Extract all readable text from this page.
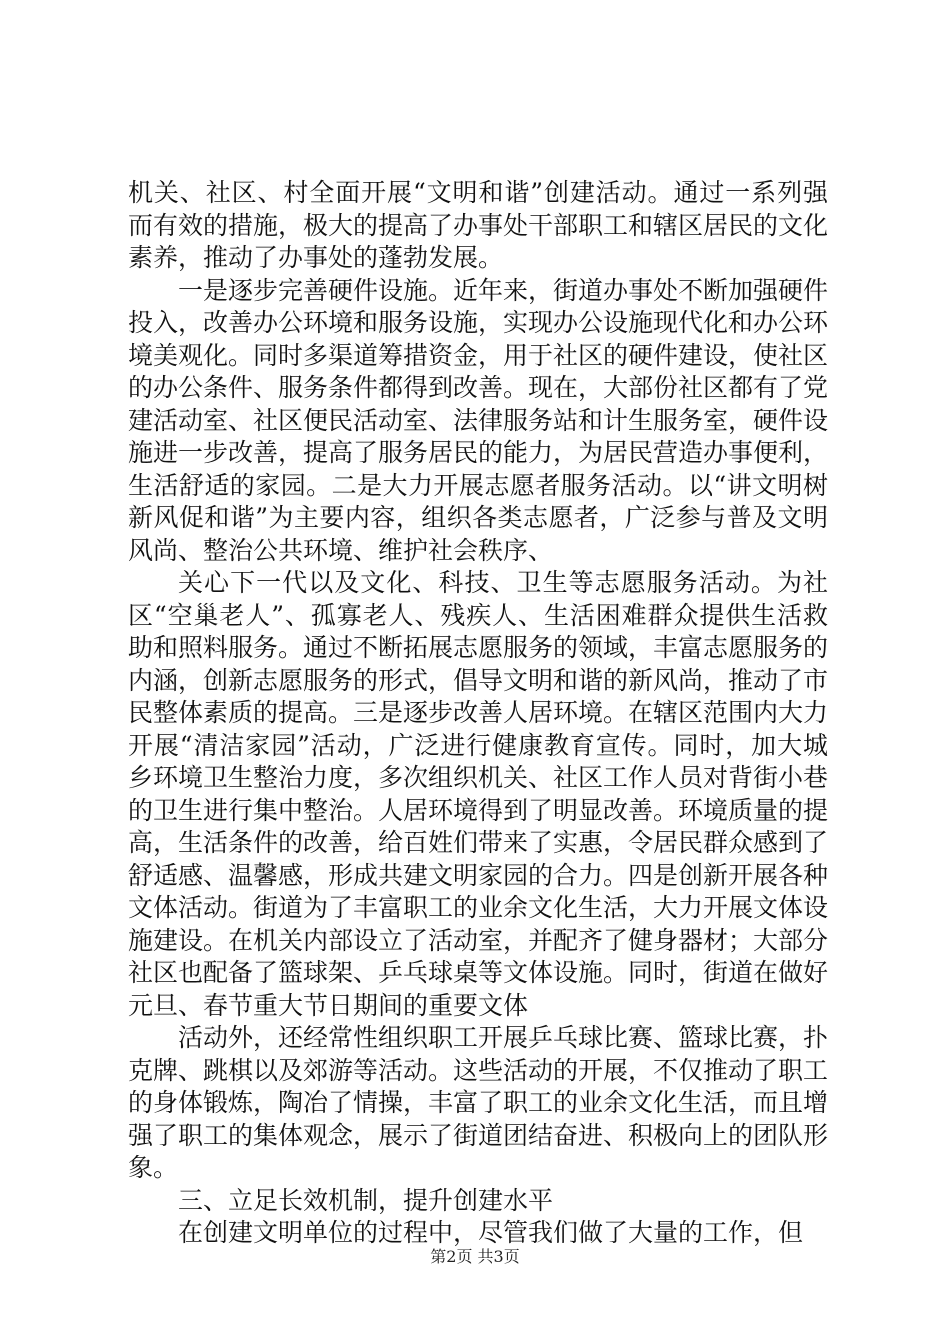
机关、社区、村全面开展“文明和谐”创建活动。通过一系列强而有效的措施，极大的提高了办事处干部职工和辖区居民的文化素养，推动了办事处的蓬勃发展。

一是逐步完善硬件设施。近年来，街道办事处不断加强硬件投入，改善办公环境和服务设施，实现办公设施现代化和办公环境美观化。同时多渠道筹措资金，用于社区的硬件建设，使社区的办公条件、服务条件都得到改善。现在，大部份社区都有了党建活动室、社区便民活动室、法律服务站和计生服务室，硬件设施进一步改善，提高了服务居民的能力，为居民营造办事便利，生活舒适的家园。二是大力开展志愿者服务活动。以“讲文明树新风促和谐”为主要内容，组织各类志愿者，广泛参与普及文明风尚、整治公共环境、维护社会秩序、

关心下一代以及文化、科技、卫生等志愿服务活动。为社区“空巢老人”、孤寡老人、残疾人、生活困难群众提供生活救助和照料服务。通过不断拓展志愿服务的领域，丰富志愿服务的内涵，创新志愿服务的形式，倡导文明和谐的新风尚，推动了市民整体素质的提高。三是逐步改善人居环境。在辖区范围内大力开展“清洁家园”活动，广泛进行健康教育宣传。同时，加大城乡环境卫生整治力度，多次组织机关、社区工作人员对背街小巷的卫生进行集中整治。人居环境得到了明显改善。环境质量的提高，生活条件的改善，给百姓们带来了实惠，令居民群众感到了舒适感、温馨感，形成共建文明家园的合力。四是创新开展各种文体活动。街道为了丰富职工的业余文化生活，大力开展文体设施建设。在机关内部设立了活动室，并配齐了健身器材；大部分社区也配备了篮球架、乒乓球桌等文体设施。同时，街道在做好元旦、春节重大节日期间的重要文体

活动外，还经常性组织职工开展乒乓球比赛、篮球比赛，扑克牌、跳棋以及郊游等活动。这些活动的开展，不仅推动了职工的身体锻炼，陶冶了情操，丰富了职工的业余文化生活，而且增强了职工的集体观念，展示了街道团结奋进、积极向上的团队形象。

三、立足长效机制，提升创建水平

在创建文明单位的过程中，尽管我们做了大量的工作，但

第2页 共3页
